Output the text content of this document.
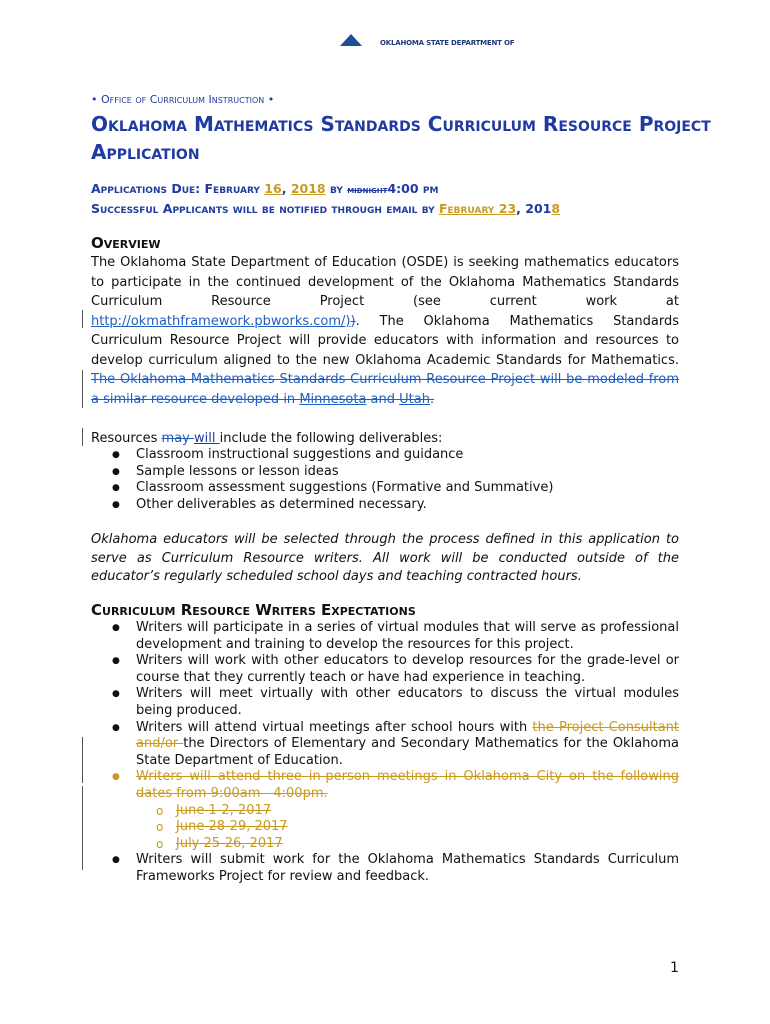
OKLAHOMA STATE DEPARTMENT OF
• Office of Curriculum Instruction •
Oklahoma Mathematics Standards Curriculum Resource Project Application
Applications Due: February 16, 2018 by midnight4:00 pm
Successful Applicants will be notified through email by February 23, 2018
Overview

The Oklahoma State Department of Education (OSDE) is seeking mathematics educators to participate in the continued development of the Oklahoma Mathematics Standards Curriculum Resource Project (see current work at http://okmathframework.pbworks.com/)). The Oklahoma Mathematics Standards Curriculum Resource Project will provide educators with information and resources to develop curriculum aligned to the new Oklahoma Academic Standards for Mathematics. The Oklahoma Mathematics Standards Curriculum Resource Project will be modeled from a similar resource developed in Minnesota and Utah.

Resources may will include the following deliverables:

● Classroom instructional suggestions and guidance
● Sample lessons or lesson ideas
● Classroom assessment suggestions (Formative and Summative)
● Other deliverables as determined necessary.

Oklahoma educators will be selected through the process defined in this application to serve as Curriculum Resource writers. All work will be conducted outside of the educator’s regularly scheduled school days and teaching contracted hours.

Curriculum Resource Writers Expectations
● Writers will participate in a series of virtual modules that will serve as professional development and training to develop the resources for this project.
● Writers will work with other educators to develop resources for the grade-level or course that they currently teach or have had experience in teaching.
● Writers will meet virtually with other educators to discuss the virtual modules being produced.
● Writers will attend virtual meetings after school hours with the Project Consultant and/or the Directors of Elementary and Secondary Mathematics for the Oklahoma State Department of Education.
● Writers will attend three in-person meetings in Oklahoma City on the following dates from 9:00am - 4:00pm.
o June 1-2, 2017
o June 28-29, 2017
o July 25-26, 2017
● Writers will submit work for the Oklahoma Mathematics Standards Curriculum Frameworks Project for review and feedback.
1
